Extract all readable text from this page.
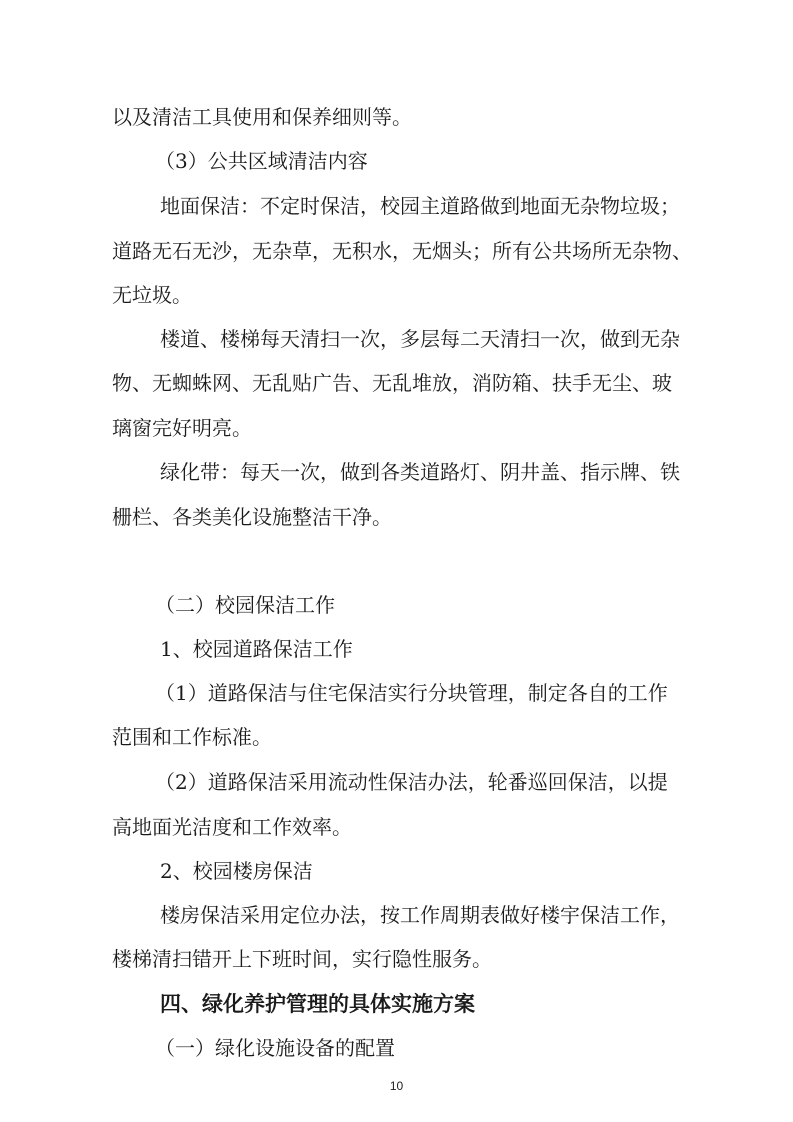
以及清洁工具使用和保养细则等。
（3）公共区域清洁内容
地面保洁：不定时保洁，校园主道路做到地面无杂物垃圾；
道路无石无沙，无杂草，无积水，无烟头；所有公共场所无杂物、
无垃圾。
楼道、楼梯每天清扫一次，多层每二天清扫一次，做到无杂
物、无蜘蛛网、无乱贴广告、无乱堆放，消防箱、扶手无尘、玻
璃窗完好明亮。
绿化带：每天一次，做到各类道路灯、阴井盖、指示牌、铁
栅栏、各类美化设施整洁干净。
（二）校园保洁工作
1、校园道路保洁工作
（1）道路保洁与住宅保洁实行分块管理，制定各自的工作
范围和工作标准。
（2）道路保洁采用流动性保洁办法，轮番巡回保洁，以提
高地面光洁度和工作效率。
2、校园楼房保洁
楼房保洁采用定位办法，按工作周期表做好楼宇保洁工作，
楼梯清扫错开上下班时间，实行隐性服务。
四、绿化养护管理的具体实施方案
（一）绿化设施设备的配置
10
